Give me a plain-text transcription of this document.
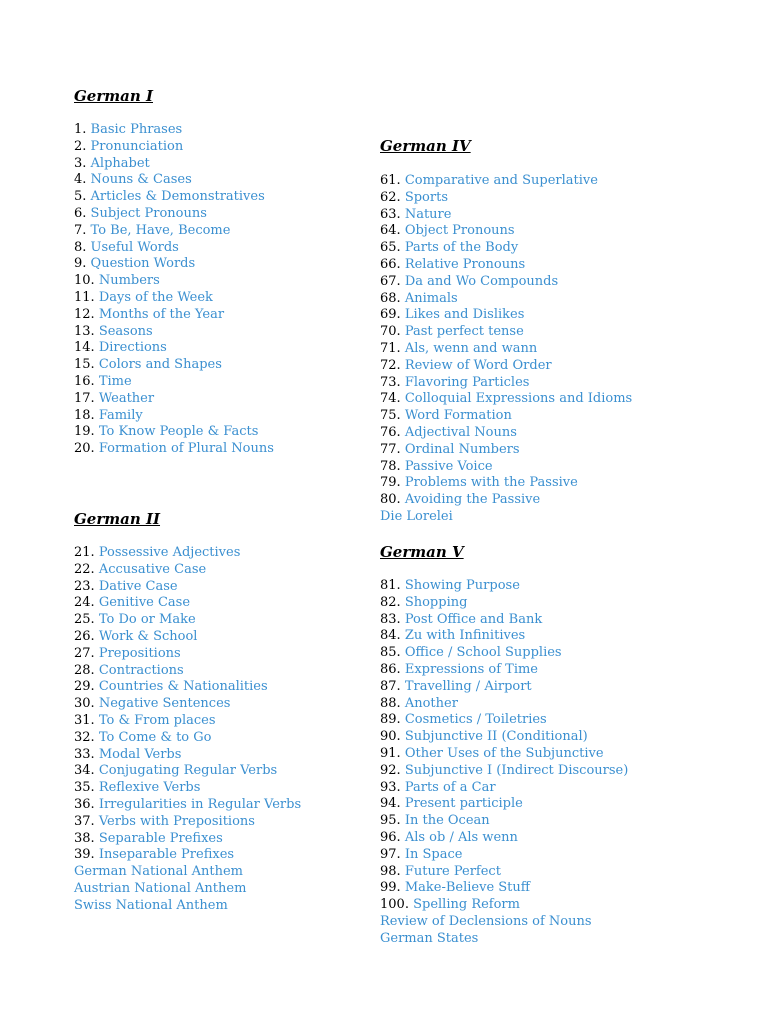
German I
1. Basic Phrases
2. Pronunciation
3. Alphabet
4. Nouns & Cases
5. Articles & Demonstratives
6. Subject Pronouns
7. To Be, Have, Become
8. Useful Words
9. Question Words
10. Numbers
11. Days of the Week
12. Months of the Year
13. Seasons
14. Directions
15. Colors and Shapes
16. Time
17. Weather
18. Family
19. To Know People & Facts
20. Formation of Plural Nouns
German II
21. Possessive Adjectives
22. Accusative Case
23. Dative Case
24. Genitive Case
25. To Do or Make
26. Work & School
27. Prepositions
28. Contractions
29. Countries & Nationalities
30. Negative Sentences
31. To & From places
32. To Come & to Go
33. Modal Verbs
34. Conjugating Regular Verbs
35. Reflexive Verbs
36. Irregularities in Regular Verbs
37. Verbs with Prepositions
38. Separable Prefixes
39. Inseparable Prefixes
German National Anthem
Austrian National Anthem
Swiss National Anthem
German IV
61. Comparative and Superlative
62. Sports
63. Nature
64. Object Pronouns
65. Parts of the Body
66. Relative Pronouns
67. Da and Wo Compounds
68. Animals
69. Likes and Dislikes
70. Past perfect tense
71. Als, wenn and wann
72. Review of Word Order
73. Flavoring Particles
74. Colloquial Expressions and Idioms
75. Word Formation
76. Adjectival Nouns
77. Ordinal Numbers
78. Passive Voice
79. Problems with the Passive
80. Avoiding the Passive
Die Lorelei
German V
81. Showing Purpose
82. Shopping
83. Post Office and Bank
84. Zu with Infinitives
85. Office / School Supplies
86. Expressions of Time
87. Travelling / Airport
88. Another
89. Cosmetics / Toiletries
90. Subjunctive II (Conditional)
91. Other Uses of the Subjunctive
92. Subjunctive I (Indirect Discourse)
93. Parts of a Car
94. Present participle
95. In the Ocean
96. Als ob / Als wenn
97. In Space
98. Future Perfect
99. Make-Believe Stuff
100. Spelling Reform
Review of Declensions of Nouns
German States
